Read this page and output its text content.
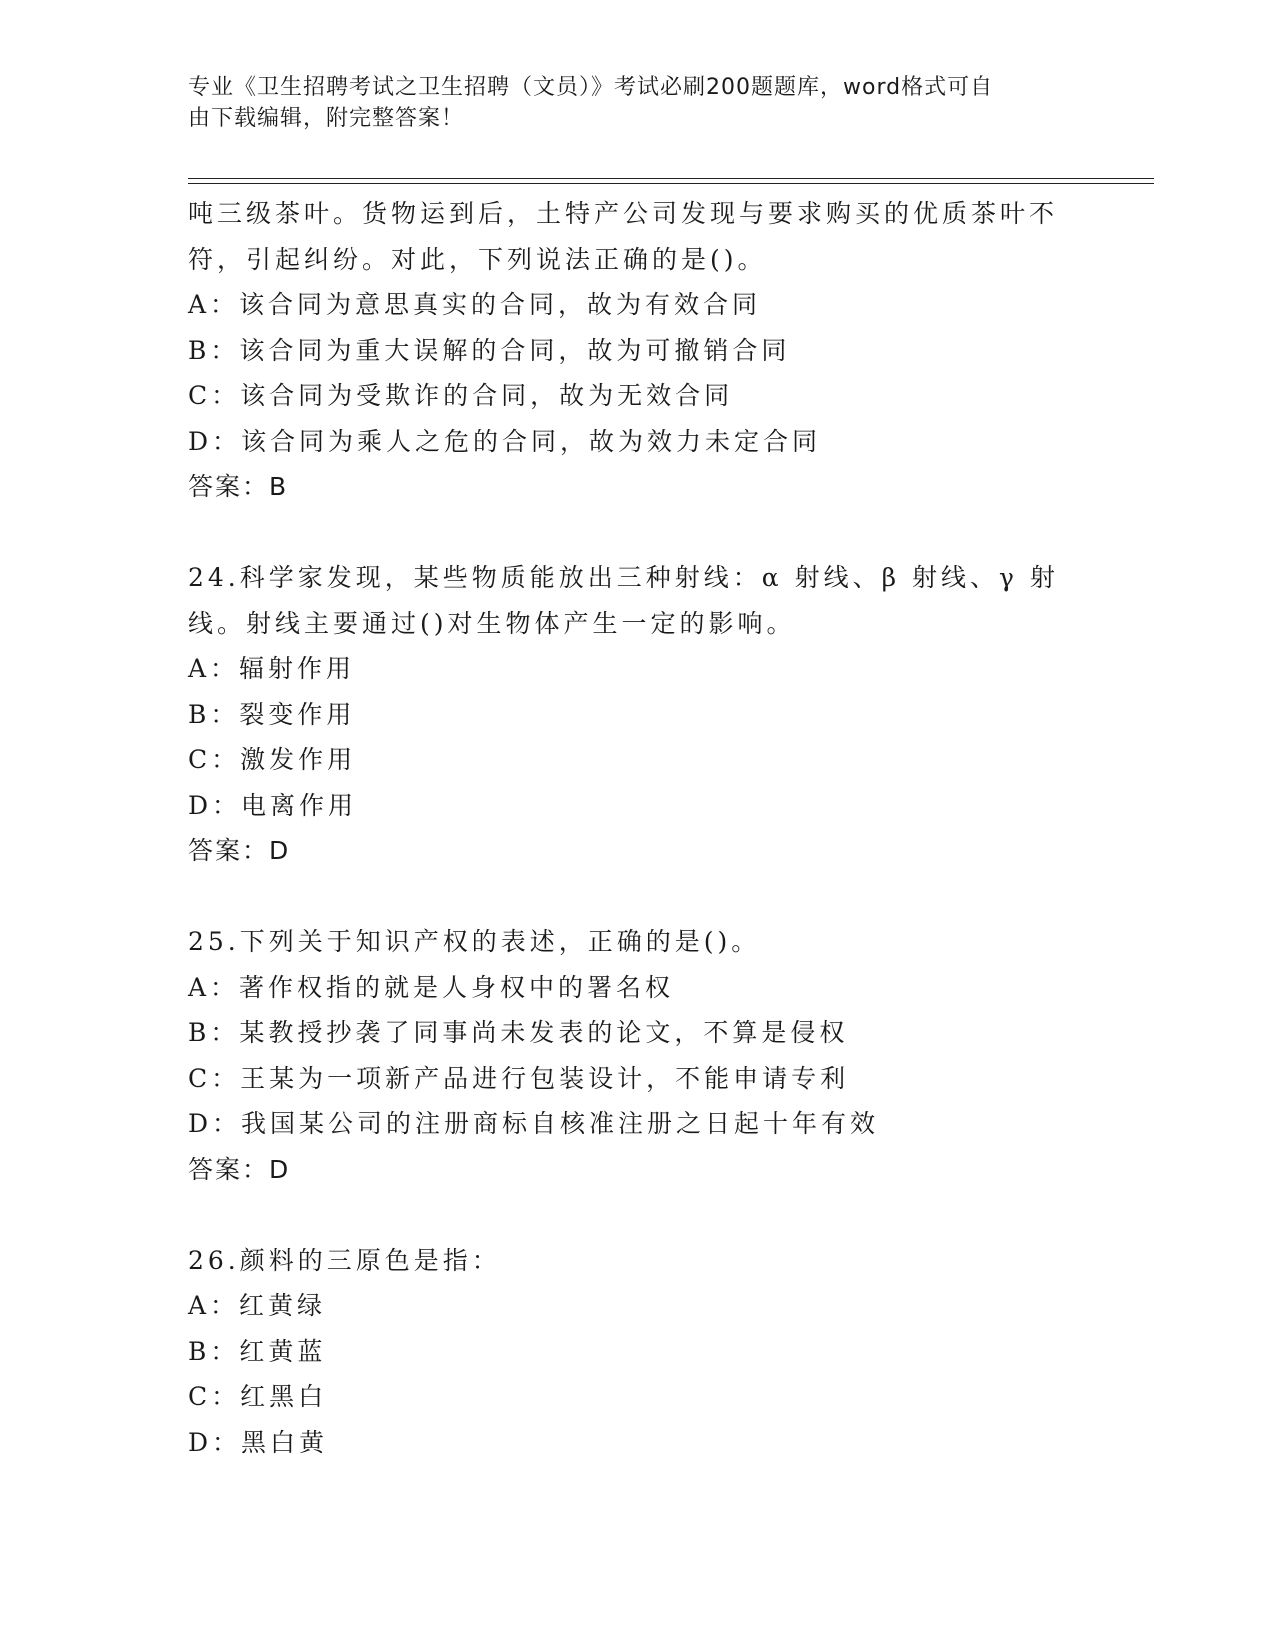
专业《卫生招聘考试之卫生招聘（文员）》考试必刷200题题库，word格式可自
由下载编辑，附完整答案！
吨三级茶叶。货物运到后，土特产公司发现与要求购买的优质茶叶不
符，引起纠纷。对此，下列说法正确的是()。
A：该合同为意思真实的合同，故为有效合同
B：该合同为重大误解的合同，故为可撤销合同
C：该合同为受欺诈的合同，故为无效合同
D：该合同为乘人之危的合同，故为效力未定合同
答案：B
24.科学家发现，某些物质能放出三种射线：α 射线、β 射线、γ 射
线。射线主要通过()对生物体产生一定的影响。
A：辐射作用
B：裂变作用
C：激发作用
D：电离作用
答案：D
25.下列关于知识产权的表述，正确的是()。
A：著作权指的就是人身权中的署名权
B：某教授抄袭了同事尚未发表的论文，不算是侵权
C：王某为一项新产品进行包装设计，不能申请专利
D：我国某公司的注册商标自核准注册之日起十年有效
答案：D
26.颜料的三原色是指：
A：红黄绿
B：红黄蓝
C：红黑白
D：黑白黄
